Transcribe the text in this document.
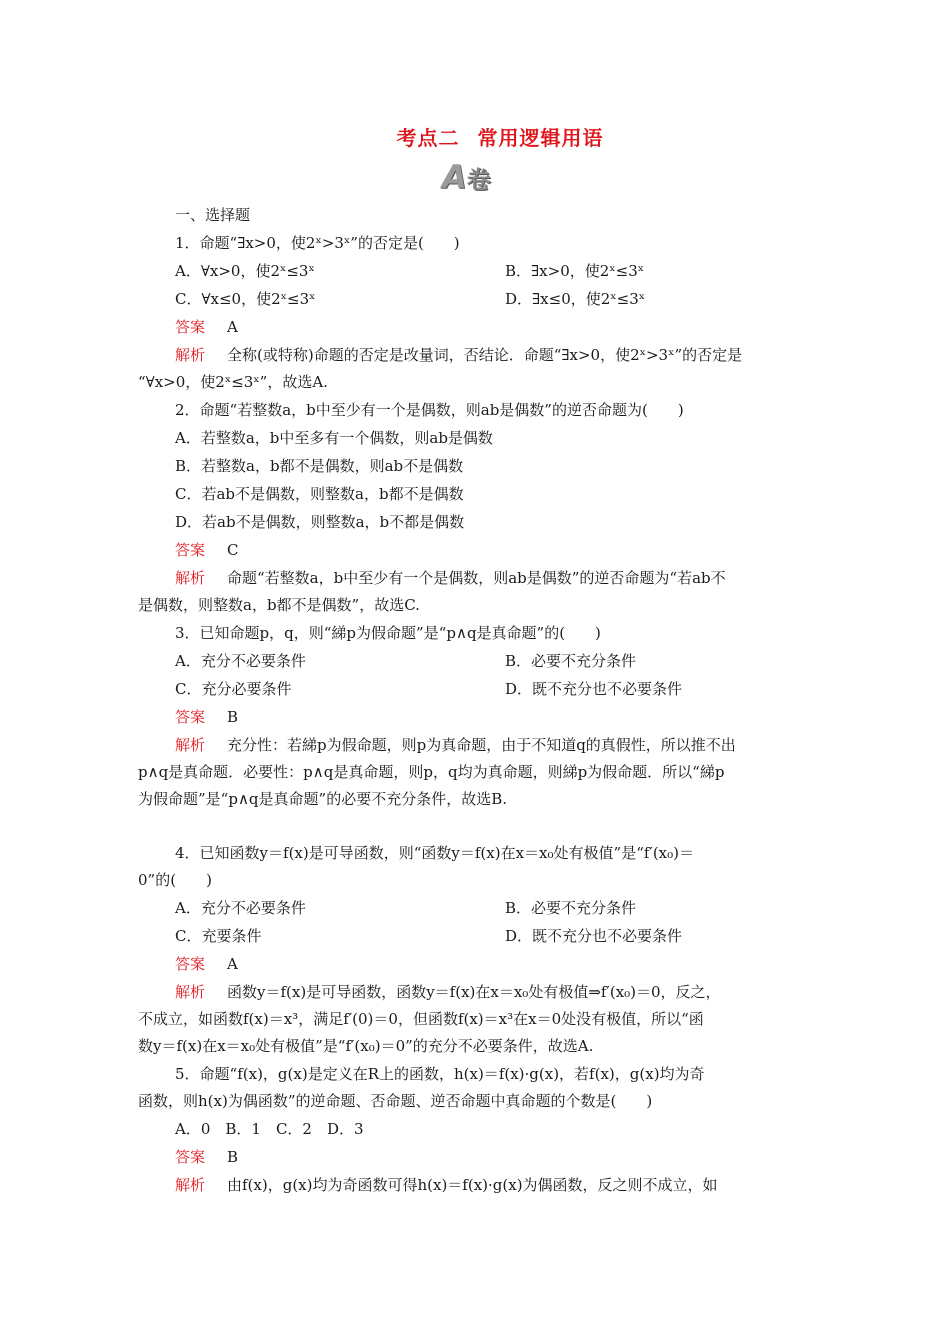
考点二 常用逻辑用语
A卷
一、选择题
1．命题“∃x>0，使2ˣ>3ˣ”的否定是(　　)
A．∀x>0，使2ˣ≤3ˣ	B．∃x>0，使2ˣ≤3ˣ
C．∀x≤0，使2ˣ≤3ˣ	D．∃x≤0，使2ˣ≤3ˣ
答案 A
解析 全称(或特称)命题的否定是改量词，否结论．命题“∃x>0，使2ˣ>3ˣ”的否定是
“∀x>0，使2ˣ≤3ˣ”，故选A.
2．命题“若整数a，b中至少有一个是偶数，则ab是偶数”的逆否命题为(　　)
A．若整数a，b中至多有一个偶数，则ab是偶数
B．若整数a，b都不是偶数，则ab不是偶数
C．若ab不是偶数，则整数a，b都不是偶数
D．若ab不是偶数，则整数a，b不都是偶数
答案 C
解析 命题“若整数a，b中至少有一个是偶数，则ab是偶数”的逆否命题为“若ab不
是偶数，则整数a，b都不是偶数”，故选C.
3．已知命题p，q，则“綈p为假命题”是“p∧q是真命题”的(　　)
A．充分不必要条件	B．必要不充分条件
C．充分必要条件	D．既不充分也不必要条件
答案 B
解析 充分性：若綈p为假命题，则p为真命题，由于不知道q的真假性，所以推不出
p∧q是真命题．必要性：p∧q是真命题，则p，q均为真命题，则綈p为假命题．所以“綈p
为假命题”是“p∧q是真命题”的必要不充分条件，故选B.
4．已知函数y＝f(x)是可导函数，则“函数y＝f(x)在x＝x₀处有极值”是“f′(x₀)＝
0”的(　　)
A．充分不必要条件	B．必要不充分条件
C．充要条件	D．既不充分也不必要条件
答案 A
解析 函数y＝f(x)是可导函数，函数y＝f(x)在x＝x₀处有极值⇒f′(x₀)＝0，反之，
不成立，如函数f(x)＝x³，满足f′(0)＝0，但函数f(x)＝x³在x＝0处没有极值，所以“函
数y＝f(x)在x＝x₀处有极值”是“f′(x₀)＝0”的充分不必要条件，故选A.
5．命题“f(x)，g(x)是定义在R上的函数，h(x)＝f(x)·g(x)，若f(x)，g(x)均为奇
函数，则h(x)为偶函数”的逆命题、否命题、逆否命题中真命题的个数是(　　)
A．0　B．1　C．2　D．3
答案 B
解析 由f(x)，g(x)均为奇函数可得h(x)＝f(x)·g(x)为偶函数，反之则不成立，如
